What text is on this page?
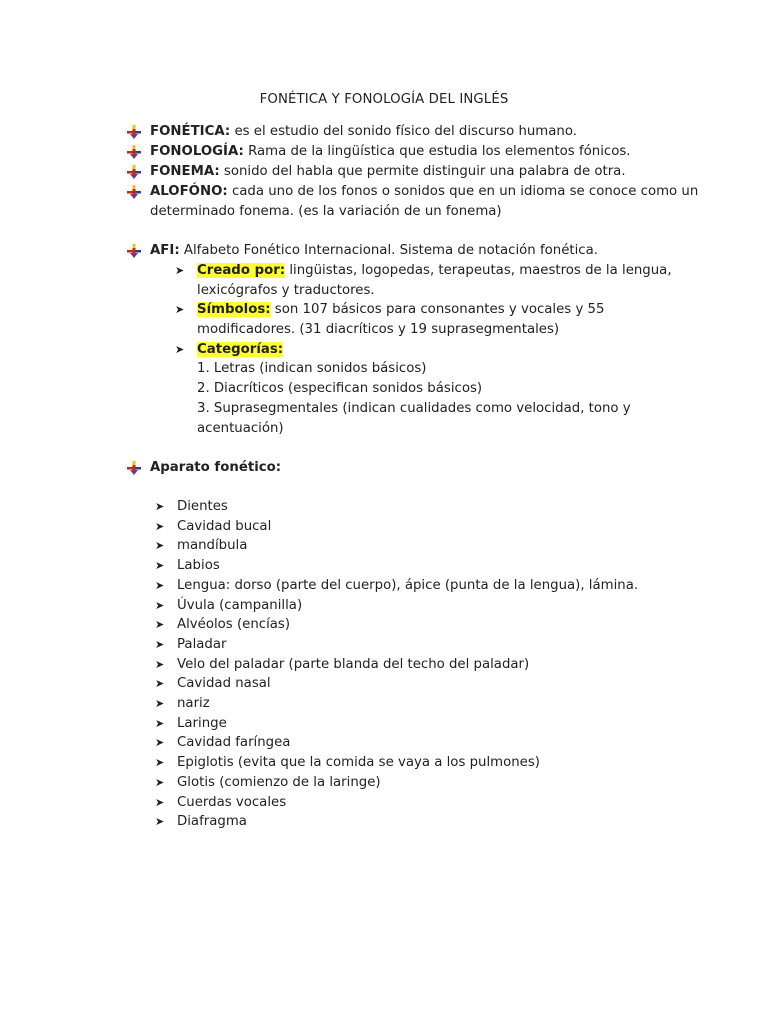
FONÉTICA Y FONOLOGÍA DEL INGLÉS
FONÉTICA: es el estudio del sonido físico del discurso humano.
FONOLOGÍA: Rama de la lingüística que estudia los elementos fónicos.
FONEMA: sonido del habla que permite distinguir una palabra de otra.
ALOFÓNO: cada uno de los fonos o sonidos que en un idioma se conoce como un
determinado fonema. (es la variación de un fonema)
AFI: Alfabeto Fonético Internacional. Sistema de notación fonética.
➤ Creado por: lingüistas, logopedas, terapeutas, maestros de la lengua,
lexicógrafos y traductores.
➤ Símbolos: son 107 básicos para consonantes y vocales y 55
modificadores. (31 diacríticos y 19 suprasegmentales)
➤ Categorías:
1. Letras (indican sonidos básicos)
2. Diacríticos (especifican sonidos básicos)
3. Suprasegmentales (indican cualidades como velocidad, tono y
acentuación)
Aparato fonético:
➤ Dientes
➤ Cavidad bucal
➤ mandíbula
➤ Labios
➤ Lengua: dorso (parte del cuerpo), ápice (punta de la lengua), lámina.
➤ Úvula (campanilla)
➤ Alvéolos (encías)
➤ Paladar
➤ Velo del paladar (parte blanda del techo del paladar)
➤ Cavidad nasal
➤ nariz
➤ Laringe
➤ Cavidad faríngea
➤ Epiglotis (evita que la comida se vaya a los pulmones)
➤ Glotis (comienzo de la laringe)
➤ Cuerdas vocales
➤ Diafragma
